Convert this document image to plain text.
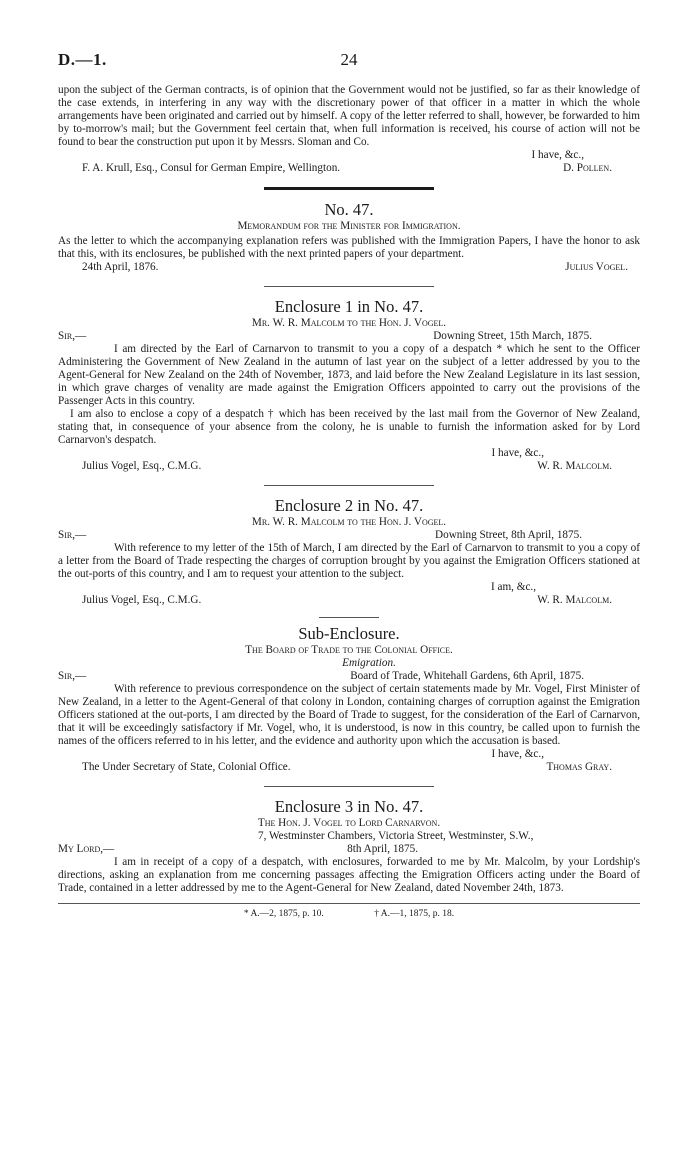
D.—1.	24

upon the subject of the German contracts, is of opinion that the Government would not be justified, so far as their knowledge of the case extends, in interfering in any way with the discretionary power of that officer in a matter in which the whole arrangements have been originated and carried out by himself. A copy of the letter referred to shall, however, be forwarded to him by to-morrow's mail; but the Government feel certain that, when full information is received, his course of action will not be found to bear the construction put upon it by Messrs. Sloman and Co.

I have, &c.,

F. A. Krull, Esq., Consul for German Empire, Wellington.	D. Pollen.
No. 47.
Memorandum for the Minister for Immigration.

As the letter to which the accompanying explanation refers was published with the Immigration Papers, I have the honor to ask that this, with its enclosures, be published with the next printed papers of your department.

24th April, 1876.	Julius Vogel.
Enclosure 1 in No. 47.
Mr. W. R. Malcolm to the Hon. J. Vogel.
Sir,—	Downing Street, 15th March, 1875.

I am directed by the Earl of Carnarvon to transmit to you a copy of a despatch * which he sent to the Officer Administering the Government of New Zealand in the autumn of last year on the subject of a letter addressed by you to the Agent-General for New Zealand on the 24th of November, 1873, and laid before the New Zealand Legislature in its last session, in which grave charges of venality are made against the Emigration Officers appointed to carry out the provisions of the Passenger Acts in this country.

I am also to enclose a copy of a despatch † which has been received by the last mail from the Governor of New Zealand, stating that, in consequence of your absence from the colony, he is unable to furnish the information asked for by Lord Carnarvon's despatch.

I have, &c.,

Julius Vogel, Esq., C.M.G.	W. R. Malcolm.
Enclosure 2 in No. 47.
Mr. W. R. Malcolm to the Hon. J. Vogel.
Sir,—	Downing Street, 8th April, 1875.

With reference to my letter of the 15th of March, I am directed by the Earl of Carnarvon to transmit to you a copy of a letter from the Board of Trade respecting the charges of corruption brought by you against the Emigration Officers stationed at the out-ports of this country, and I am to request your attention to the subject.

I am, &c.,

Julius Vogel, Esq., C.M.G.	W. R. Malcolm.
Sub-Enclosure.
The Board of Trade to the Colonial Office.
Emigration.
Sir,—	Board of Trade, Whitehall Gardens, 6th April, 1875.

With reference to previous correspondence on the subject of certain statements made by Mr. Vogel, First Minister of New Zealand, in a letter to the Agent-General of that colony in London, containing charges of corruption against the Emigration Officers stationed at the out-ports, I am directed by the Board of Trade to suggest, for the consideration of the Earl of Carnarvon, that it will be exceedingly satisfactory if Mr. Vogel, who, it is understood, is now in this country, be called upon to furnish the names of the officers referred to in his letter, and the evidence and authority upon which the accusation is based.

I have, &c.,

The Under Secretary of State, Colonial Office.	Thomas Gray.
Enclosure 3 in No. 47.
The Hon. J. Vogel to Lord Carnarvon.
7, Westminster Chambers, Victoria Street, Westminster, S.W.,
My Lord,—	8th April, 1875.

I am in receipt of a copy of a despatch, with enclosures, forwarded to me by Mr. Malcolm, by your Lordship's directions, asking an explanation from me concerning passages affecting the Emigration Officers acting under the Board of Trade, contained in a letter addressed by me to the Agent-General for New Zealand, dated November 24th, 1873.

* A.—2, 1875, p. 10.	† A.—1, 1875, p. 18.
